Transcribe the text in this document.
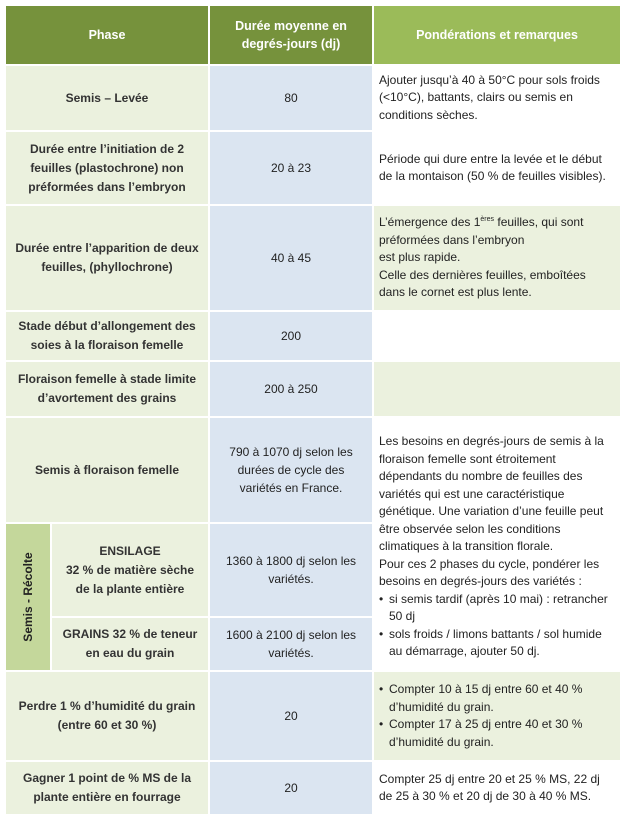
Phase
Durée moyenne en degrés-jours (dj)
Pondérations et remarques
Semis – Levée	80
Ajouter jusqu’à 40 à 50°C pour sols froids (<10°C), battants, clairs ou semis en conditions sèches.
Durée entre l’initiation de 2 feuilles (plastochrone) non préformées dans l’embryon
20 à 23
Période qui dure entre la levée et le début de la montaison (50 % de feuilles visibles).
Durée entre l’apparition de deux feuilles, (phyllochrone)
40 à 45
L’émergence des 1ères feuilles, qui sont préformées dans l’embryon
est plus rapide.
Celle des dernières feuilles, emboîtées dans le cornet est plus lente.
Stade début d’allongement des soies à la floraison femelle
200
Floraison femelle à stade limite d’avortement des grains
200 à 250
Semis à floraison femelle
790 à 1070 dj selon les durées de cycle des variétés en France.
Semis - Récolte
ENSILAGE
32 % de matière sèche de la plante entière
1360 à 1800 dj selon les variétés.
GRAINS 32 % de teneur en eau du grain
1600 à 2100 dj selon les variétés.
Les besoins en degrés-jours de semis à la floraison femelle sont étroitement dépendants du nombre de feuilles des variétés qui est une caractéristique génétique. Une variation d’une feuille peut être observée selon les conditions climatiques à la transition florale.
Pour ces 2 phases du cycle, pondérer les besoins en degrés-jours des variétés :
• si semis tardif (après 10 mai) : retrancher 50 dj
• sols froids / limons battants / sol humide au démarrage, ajouter 50 dj.
Perdre 1 % d’humidité du grain (entre 60 et 30 %)
20
• Compter 10 à 15 dj entre 60 et 40 % d’humidité du grain.
• Compter 17 à 25 dj entre 40 et 30 % d’humidité du grain.
Gagner 1 point de % MS de la plante entière en fourrage
20
Compter 25 dj entre 20 et 25 % MS, 22 dj de 25 à 30 % et 20 dj de 30 à 40 % MS.
